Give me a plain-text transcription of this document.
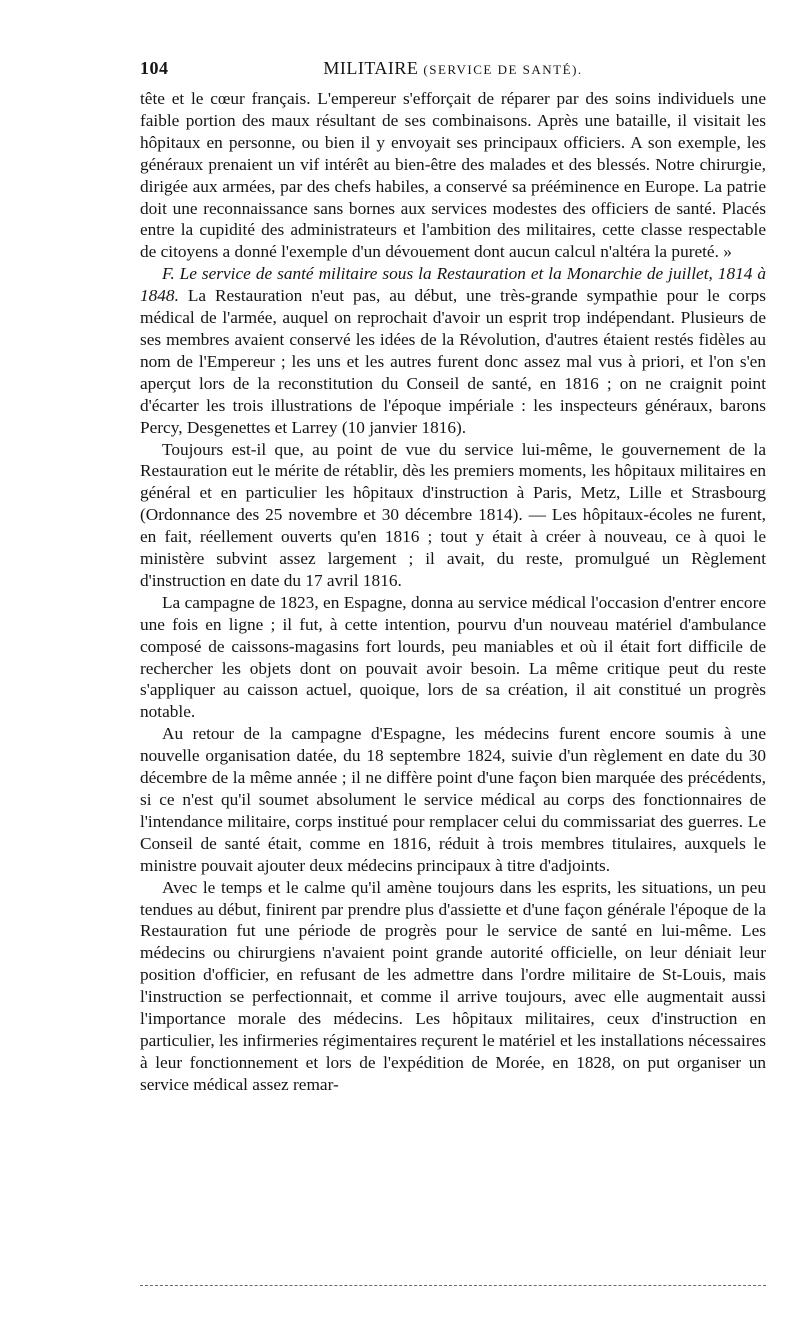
104	MILITAIRE (SERVICE DE SANTÉ).

tête et le cœur français. L'empereur s'efforçait de réparer par des soins individuels une faible portion des maux résultant de ses combinaisons. Après une bataille, il visitait les hôpitaux en personne, ou bien il y envoyait ses principaux officiers. A son exemple, les généraux prenaient un vif intérêt au bien-être des malades et des blessés. Notre chirurgie, dirigée aux armées, par des chefs habiles, a conservé sa prééminence en Europe. La patrie doit une reconnaissance sans bornes aux services modestes des officiers de santé. Placés entre la cupidité des administrateurs et l'ambition des militaires, cette classe respectable de citoyens a donné l'exemple d'un dévouement dont aucun calcul n'altéra la pureté. »

F. Le service de santé militaire sous la Restauration et la Monarchie de juillet, 1814 à 1848. La Restauration n'eut pas, au début, une très-grande sympathie pour le corps médical de l'armée, auquel on reprochait d'avoir un esprit trop indépendant. Plusieurs de ses membres avaient conservé les idées de la Révolution, d'autres étaient restés fidèles au nom de l'Empereur ; les uns et les autres furent donc assez mal vus à priori, et l'on s'en aperçut lors de la reconstitution du Conseil de santé, en 1816 ; on ne craignit point d'écarter les trois illustrations de l'époque impériale : les inspecteurs généraux, barons Percy, Desgenettes et Larrey (10 janvier 1816).

Toujours est-il que, au point de vue du service lui-même, le gouvernement de la Restauration eut le mérite de rétablir, dès les premiers moments, les hôpitaux militaires en général et en particulier les hôpitaux d'instruction à Paris, Metz, Lille et Strasbourg (Ordonnance des 25 novembre et 30 décembre 1814). — Les hôpitaux-écoles ne furent, en fait, réellement ouverts qu'en 1816 ; tout y était à créer à nouveau, ce à quoi le ministère subvint assez largement ; il avait, du reste, promulgué un Règlement d'instruction en date du 17 avril 1816.

La campagne de 1823, en Espagne, donna au service médical l'occasion d'entrer encore une fois en ligne ; il fut, à cette intention, pourvu d'un nouveau matériel d'ambulance composé de caissons-magasins fort lourds, peu maniables et où il était fort difficile de rechercher les objets dont on pouvait avoir besoin. La même critique peut du reste s'appliquer au caisson actuel, quoique, lors de sa création, il ait constitué un progrès notable.

Au retour de la campagne d'Espagne, les médecins furent encore soumis à une nouvelle organisation datée, du 18 septembre 1824, suivie d'un règlement en date du 30 décembre de la même année ; il ne diffère point d'une façon bien marquée des précédents, si ce n'est qu'il soumet absolument le service médical au corps des fonctionnaires de l'intendance militaire, corps institué pour remplacer celui du commissariat des guerres. Le Conseil de santé était, comme en 1816, réduit à trois membres titulaires, auxquels le ministre pouvait ajouter deux médecins principaux à titre d'adjoints.

Avec le temps et le calme qu'il amène toujours dans les esprits, les situations, un peu tendues au début, finirent par prendre plus d'assiette et d'une façon générale l'époque de la Restauration fut une période de progrès pour le service de santé en lui-même. Les médecins ou chirurgiens n'avaient point grande autorité officielle, on leur déniait leur position d'officier, en refusant de les admettre dans l'ordre militaire de St-Louis, mais l'instruction se perfectionnait, et comme il arrive toujours, avec elle augmentait aussi l'importance morale des médecins. Les hôpitaux militaires, ceux d'instruction en particulier, les infirmeries régimentaires reçurent le matériel et les installations nécessaires à leur fonctionnement et lors de l'expédition de Morée, en 1828, on put organiser un service médical assez remar-
